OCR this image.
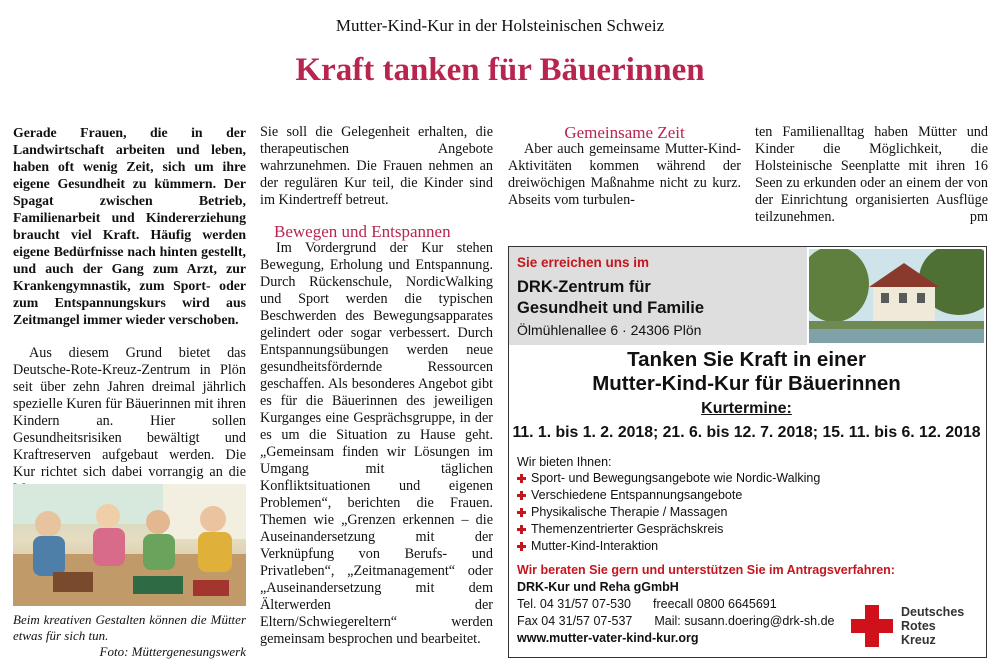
Mutter-Kind-Kur in der Holsteinischen Schweiz
Kraft tanken für Bäuerinnen

Gerade Frauen, die in der Landwirtschaft arbeiten und leben, haben oft wenig Zeit, sich um ihre eigene Gesundheit zu kümmern. Der Spagat zwischen Betrieb, Familienarbeit und Kindererziehung braucht viel Kraft. Häufig werden eigene Bedürfnisse nach hinten gestellt, und auch der Gang zum Arzt, zur Krankengymnastik, zum Sport- oder zum Entspannungskurs wird aus Zeitmangel immer wieder verschoben.

Aus diesem Grund bietet das Deutsche-Rote-Kreuz-Zentrum in Plön seit über zehn Jahren dreimal jährlich spezielle Kuren für Bäuerinnen mit ihren Kindern an. Hier sollen Gesundheitsrisiken bewältigt und Kraftreserven aufgebaut werden. Die Kur richtet sich dabei vorrangig an die

Beim kreativen Gestalten können die Mütter etwas für sich tun.
Foto: Müttergenesungswerk

Sie soll die Gelegenheit erhalten, die therapeutischen Angebote wahrzunehmen. Die Frauen nehmen an der regulären Kur teil, die Kinder sind im Kindertreff betreut.

Bewegen und Entspannen

Im Vordergrund der Kur stehen Bewegung, Erholung und Entspannung. Durch Rückenschule, NordicWalking und Sport werden die typischen Beschwerden des Bewegungsapparates gelindert oder sogar verbessert. Durch Entspannungsübungen werden neue gesundheitsfördernde Ressourcen geschaffen. Als besonderes Angebot gibt es für die Bäuerinnen des jeweiligen Kurganges eine Gesprächsgruppe, in der es um die Situation zu Hause geht. „Gemeinsam finden wir Lösungen im Umgang mit täglichen Konfliktsituationen und eigenen Problemen“, berichten die Frauen. Themen wie „Grenzen erkennen – die Auseinandersetzung mit der Verknüpfung von Berufs- und Privatleben“, „Zeitmanagement“ oder „Auseinandersetzung mit dem Älterwerden der Eltern/Schwiegereltern“ werden gemeinsam besprochen und bearbeitet.

Gemeinsame Zeit

Aber auch gemeinsame Mutter-Kind-Aktivitäten kommen während der dreiwöchigen Maßnahme nicht zu kurz. Abseits vom turbulen-

ten Familienalltag haben Mütter und Kinder die Möglichkeit, die Holsteinische Seenplatte mit ihren 16 Seen zu erkunden oder an einem der von der Einrichtung organisierten Ausflüge teilzunehmen.	pm

Sie erreichen uns im
DRK-Zentrum für
Gesundheit und Familie
Ölmühlenallee 6 · 24306 Plön
Tanken Sie Kraft in einer
Mutter-Kind-Kur für Bäuerinnen
Kurtermine:
11. 1. bis 1. 2. 2018; 21. 6. bis 12. 7. 2018; 15. 11. bis 6. 12. 2018
Wir bieten Ihnen:
Sport- und Bewegungsangebote wie Nordic-Walking
Verschiedene Entspannungsangebote
Physikalische Therapie / Massagen
Themenzentrierter Gesprächskreis
Mutter-Kind-Interaktion
Wir beraten Sie gern und unterstützen Sie im Antragsverfahren:
DRK-Kur und Reha gGmbH
Tel. 04 31/57 07-530 freecall 0800 6645691
Fax 04 31/57 07-537 Mail: susann.doering@drk-sh.de
www.mutter-vater-kind-kur.org
Deutsches
Rotes
Kreuz
